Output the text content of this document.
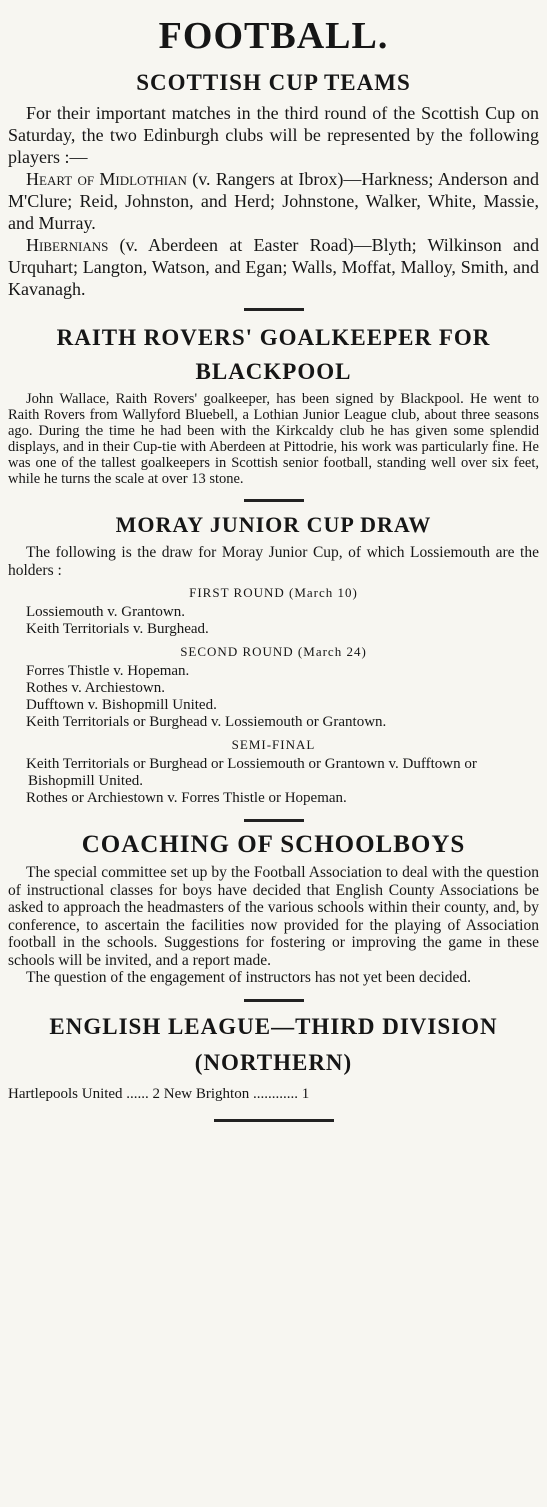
FOOTBALL.
SCOTTISH CUP TEAMS

For their important matches in the third round of the Scottish Cup on Saturday, the two Edinburgh clubs will be represented by the following players :—

Heart of Midlothian (v. Rangers at Ibrox)—Harkness; Anderson and M'Clure; Reid, Johnston, and Herd; Johnstone, Walker, White, Massie, and Murray.

Hibernians (v. Aberdeen at Easter Road)—Blyth; Wilkinson and Urquhart; Langton, Watson, and Egan; Walls, Moffat, Malloy, Smith, and Kavanagh.

RAITH ROVERS' GOALKEEPER FOR
BLACKPOOL

John Wallace, Raith Rovers' goalkeeper, has been signed by Blackpool. He went to Raith Rovers from Wallyford Bluebell, a Lothian Junior League club, about three seasons ago. During the time he had been with the Kirkcaldy club he has given some splendid displays, and in their Cup-tie with Aberdeen at Pittodrie, his work was particularly fine. He was one of the tallest goalkeepers in Scottish senior football, standing well over six feet, while he turns the scale at over 13 stone.

MORAY JUNIOR CUP DRAW

The following is the draw for Moray Junior Cup, of which Lossiemouth are the holders :

FIRST ROUND (March 10)

Lossiemouth v. Grantown.

Keith Territorials v. Burghead.

SECOND ROUND (March 24)

Forres Thistle v. Hopeman.

Rothes v. Archiestown.

Dufftown v. Bishopmill United.

Keith Territorials or Burghead v. Lossiemouth or Grantown.

SEMI-FINAL

Keith Territorials or Burghead or Lossiemouth or Grantown v. Dufftown or Bishopmill United.

Rothes or Archiestown v. Forres Thistle or Hopeman.

COACHING OF SCHOOLBOYS

The special committee set up by the Football Association to deal with the question of instructional classes for boys have decided that English County Associations be asked to approach the headmasters of the various schools within their county, and, by conference, to ascertain the facilities now provided for the playing of Association football in the schools. Suggestions for fostering or improving the game in these schools will be invited, and a report made.

The question of the engagement of instructors has not yet been decided.

ENGLISH LEAGUE—THIRD DIVISION
(NORTHERN)
Hartlepools United ...... 2 New Brighton ............ 1
